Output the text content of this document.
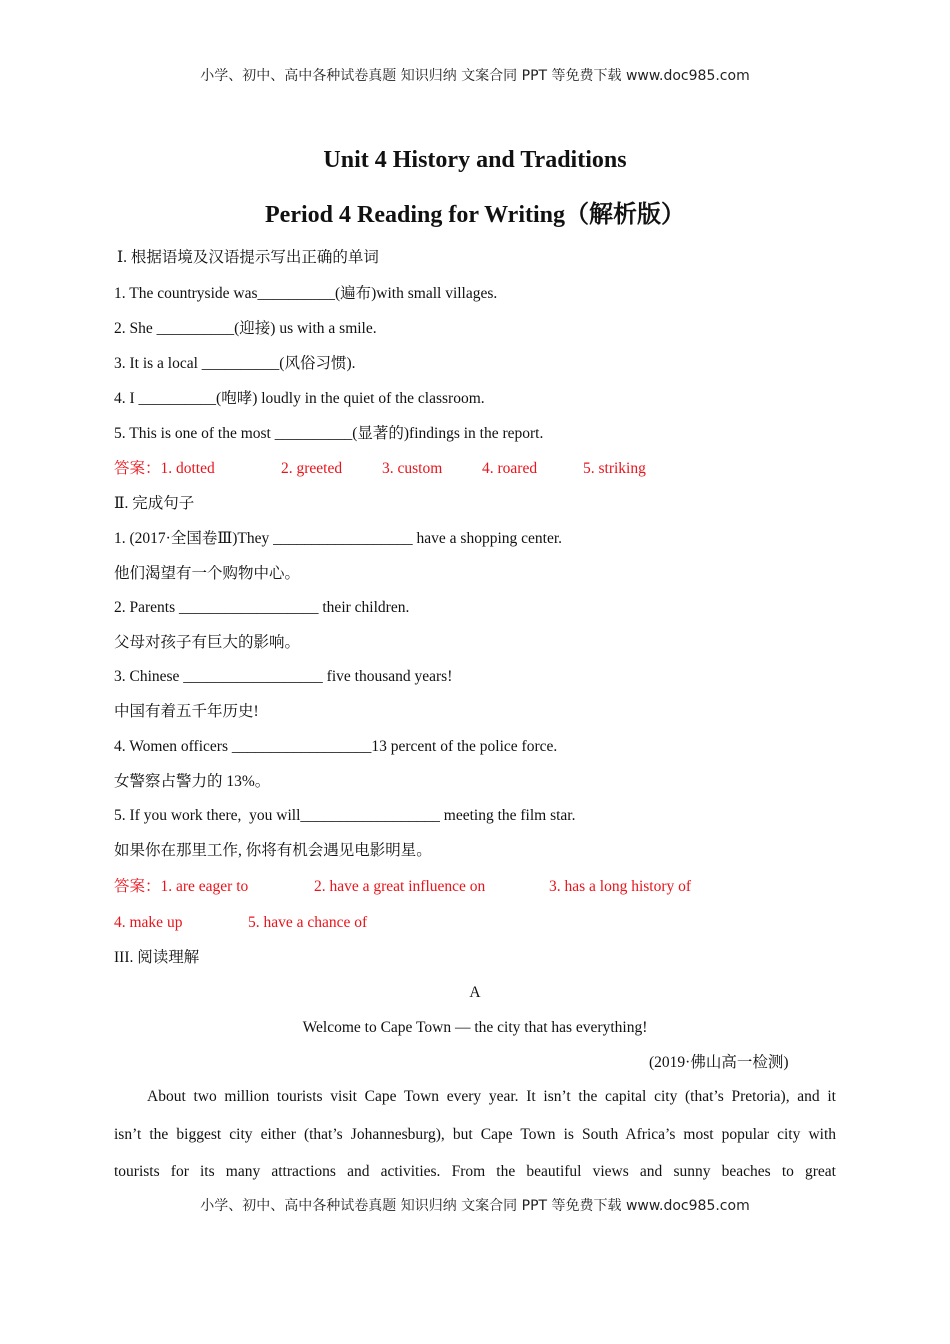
小学、初中、高中各种试卷真题 知识归纳 文案合同 PPT 等免费下载 www.doc985.com
Unit 4 History and Traditions
Period 4 Reading for Writing（解析版）
Ⅰ. 根据语境及汉语提示写出正确的单词
1. The countryside was__________(遍布)with small villages.
2. She __________(迎接) us with a smile.
3. It is a local __________(风俗习惯).
4. I __________(咆哮) loudly in the quiet of the classroom.
5. This is one of the most __________(显著的)findings in the report.
答案：1. dotted	2. greeted	3. custom	4. roared	5. striking
Ⅱ. 完成句子
1. (2017·全国卷Ⅲ)They __________________ have a shopping center.
他们渴望有一个购物中心。
2. Parents __________________ their children.
父母对孩子有巨大的影响。
3. Chinese __________________ five thousand years!
中国有着五千年历史!
4. Women officers __________________13 percent of the police force.
女警察占警力的 13%。
5. If you work there,  you will__________________ meeting the film star.
如果你在那里工作, 你将有机会遇见电影明星。
答案：1. are eager to	2. have a great influence on	3. has a long history of
4. make up	5. have a chance of
III. 阅读理解
A
Welcome to Cape Town — the city that has everything!
(2019·佛山高一检测)
About two million tourists visit Cape Town every year. It isn’t the capital city (that’s Pretoria), and it
isn’t the biggest city either (that’s Johannesburg), but Cape Town is South Africa’s most popular city with
tourists for its many attractions and activities. From the beautiful views and sunny beaches to great
小学、初中、高中各种试卷真题 知识归纳 文案合同 PPT 等免费下载 www.doc985.com
